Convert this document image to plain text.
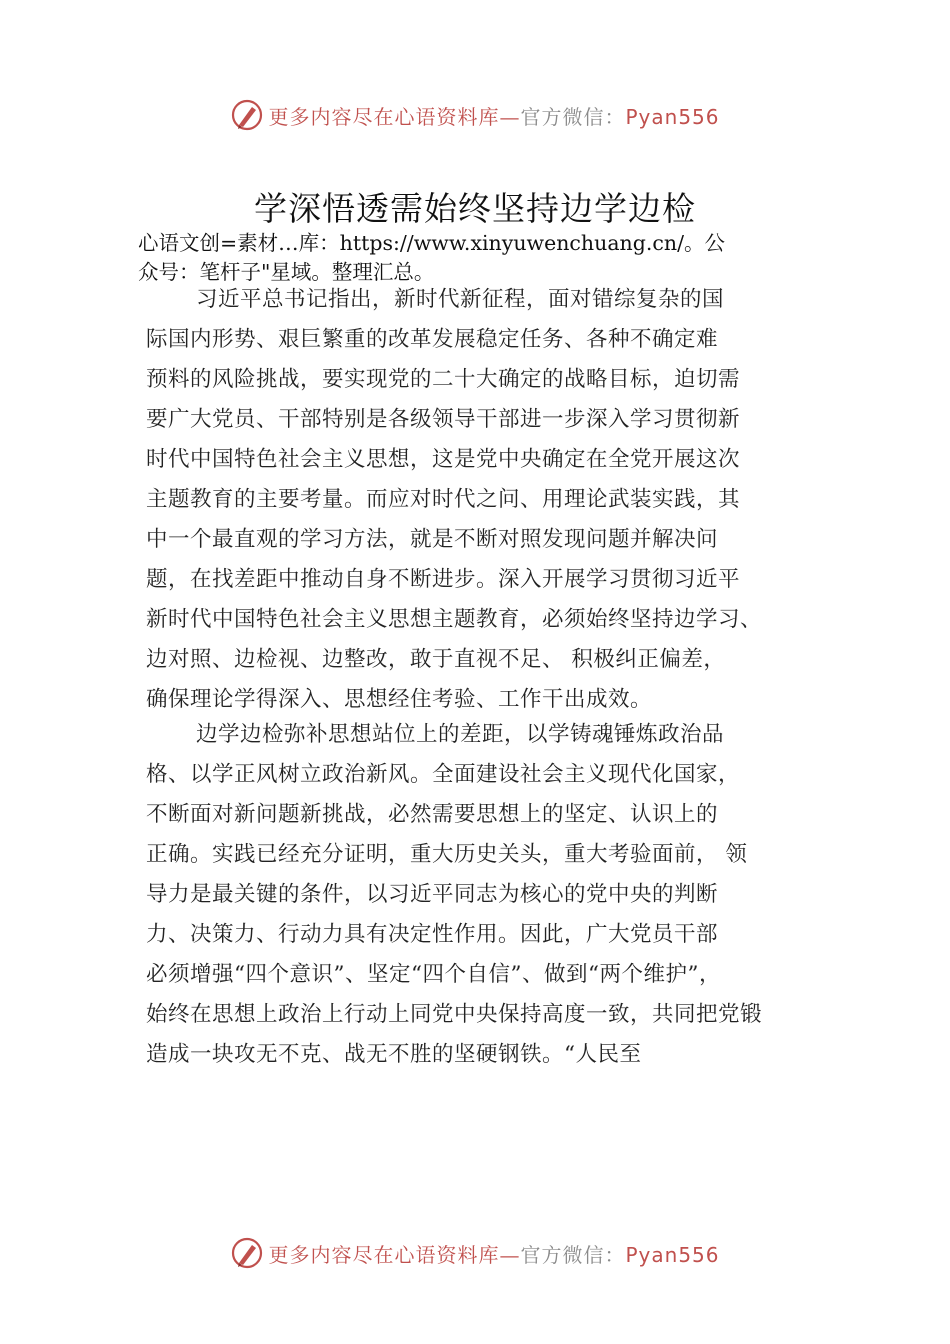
更多内容尽在心语资料库—官方微信：Pyan556
学深悟透需始终坚持边学边检
心语文创=素材…库：https://www.xinyuwenchuang.cn/。公
众号：笔杆子"星域。整理汇总。
习近平总书记指出，新时代新征程，面对错综复杂的国
际国内形势、艰巨繁重的改革发展稳定任务、各种不确定难
预料的风险挑战，要实现党的二十大确定的战略目标，迫切需
要广大党员、干部特别是各级领导干部进一步深入学习贯彻新
时代中国特色社会主义思想，这是党中央确定在全党开展这次
主题教育的主要考量。而应对时代之问、用理论武装实践，其
中一个最直观的学习方法，就是不断对照发现问题并解决问
题，在找差距中推动自身不断进步。深入开展学习贯彻习近平
新时代中国特色社会主义思想主题教育，必须始终坚持边学习、
边对照、边检视、边整改，敢于直视不足、 积极纠正偏差，
确保理论学得深入、思想经住考验、工作干出成效。
边学边检弥补思想站位上的差距，以学铸魂锤炼政治品
格、以学正风树立政治新风。全面建设社会主义现代化国家，
不断面对新问题新挑战，必然需要思想上的坚定、认识上的
正确。实践已经充分证明，重大历史关头，重大考验面前， 领
导力是最关键的条件，以习近平同志为核心的党中央的判断
力、决策力、行动力具有决定性作用。因此，广大党员干部
必须增强“四个意识”、坚定“四个自信”、做到“两个维护”，
始终在思想上政治上行动上同党中央保持高度一致，共同把党锻
造成一块攻无不克、战无不胜的坚硬钢铁。“人民至
更多内容尽在心语资料库—官方微信：Pyan556
